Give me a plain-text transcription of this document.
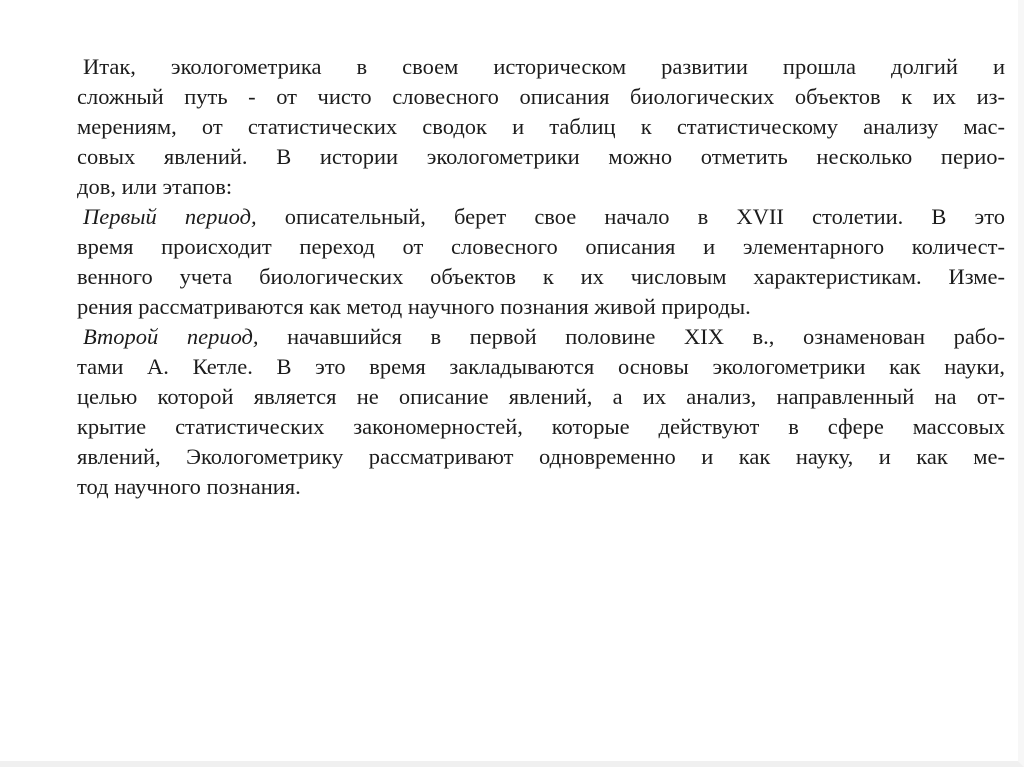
Итак, экологометрика в своем историческом развитии прошла долгий и
сложный путь - от чисто словесного описания биологических объектов к их из-
мерениям, от статистических сводок и таблиц к статистическому анализу мас-
совых явлений. В истории экологометрики можно отметить несколько перио-
дов, или этапов:
Первый период, описательный, берет свое начало в XVII столетии. В это
время происходит переход от словесного описания и элементарного количест-
венного учета биологических объектов к их числовым характеристикам. Изме-
рения рассматриваются как метод научного познания живой природы.
Второй период, начавшийся в первой половине XIX в., ознаменован рабо-
тами А. Кетле. В это время закладываются основы экологометрики как науки,
целью которой является не описание явлений, а их анализ, направленный на от-
крытие статистических закономерностей, которые действуют в сфере массовых
явлений, Экологометрику рассматривают одновременно и как науку, и как ме-
тод научного познания.
